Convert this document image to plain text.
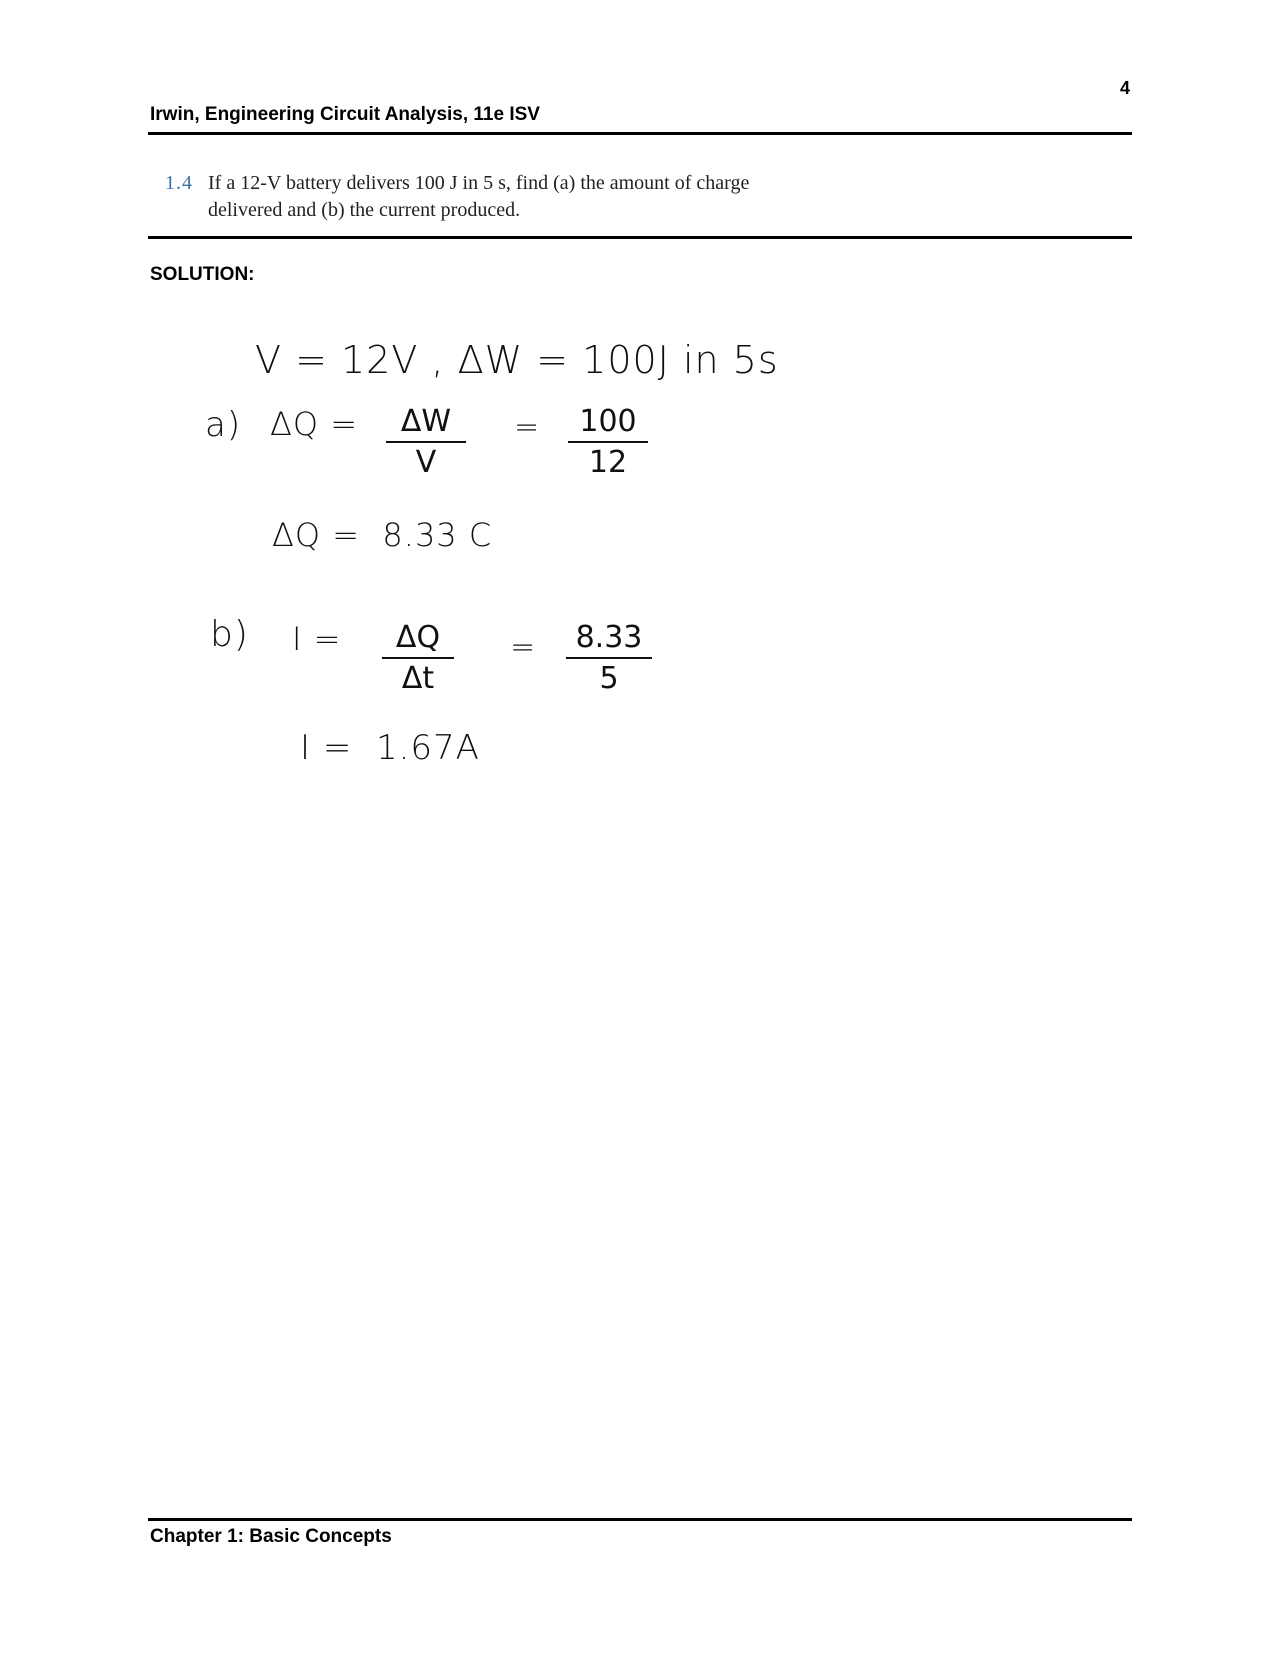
4
Irwin, Engineering Circuit Analysis, 11e ISV
1.4 If a 12-V battery delivers 100 J in 5 s, find (a) the amount of charge delivered and (b) the current produced.
SOLUTION:
V = 12V , ΔW = 100J in 5s
a) $\Delta Q = \frac{\Delta W}{V} = \frac{100}{12}$
ΔQ =  8.33 C
b) $I = \frac{\Delta Q}{\Delta t} = \frac{8.33}{5}$
I =  1.67A
Chapter 1: Basic Concepts
